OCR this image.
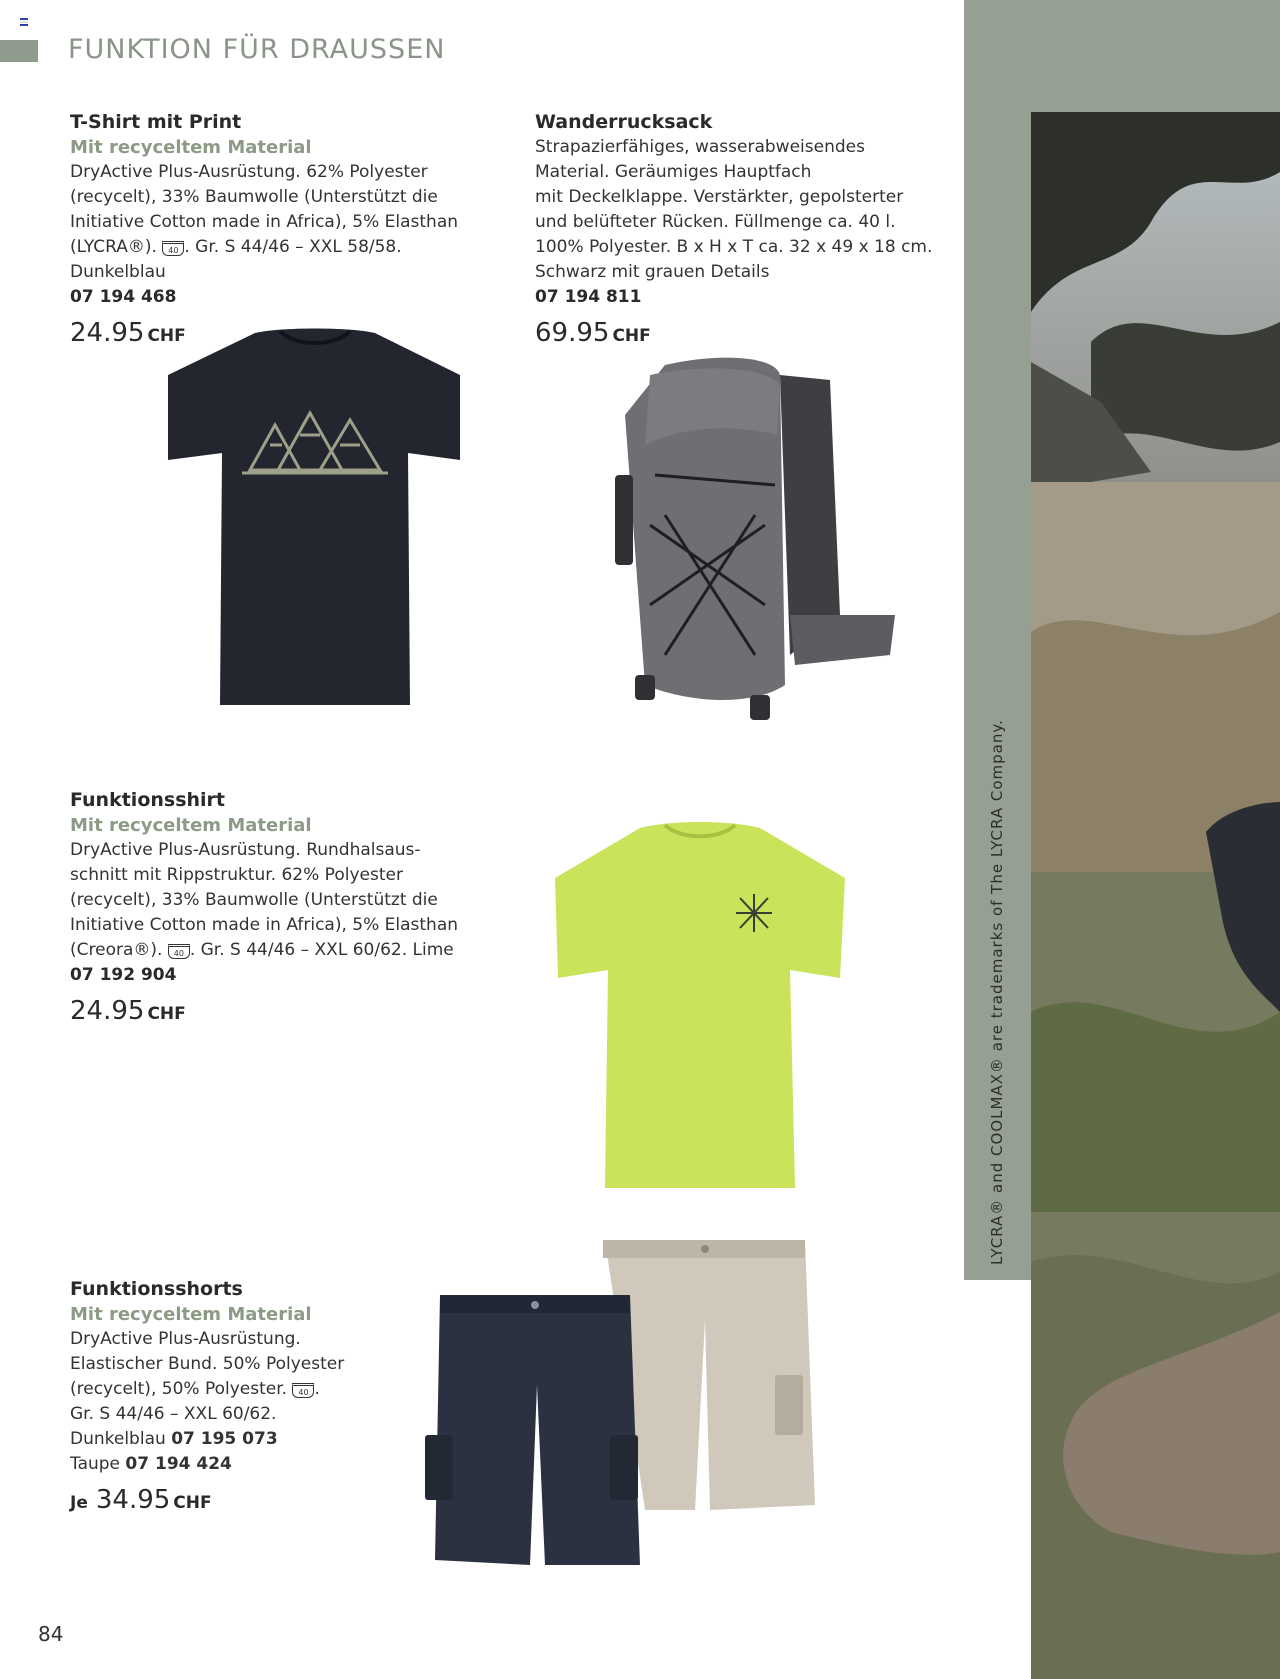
FUNKTION FÜR DRAUSSEN
LYCRA® and COOLMAX® are trademarks of The LYCRA Company.
T-Shirt mit Print
Mit recyceltem Material
DryActive Plus-Ausrüstung. 62% Polyester
(recycelt), 33% Baumwolle (Unterstützt die
Initiative Cotton made in Africa), 5% Elasthan
(LYCRA®). 40 . Gr. S 44/46 – XXL 58/58.
Dunkelblau
07 194 468
24.95 CHF
Wanderrucksack
Strapazierfähiges, wasserabweisendes
Material. Geräumiges Hauptfach
mit Deckelklappe. Verstärkter, gepolsterter
und belüfteter Rücken. Füllmenge ca. 40 l.
100% Polyester. B x H x T ca. 32 x 49 x 18 cm.
Schwarz mit grauen Details
07 194 811
69.95 CHF
Funktionsshirt
Mit recyceltem Material
DryActive Plus-Ausrüstung. Rundhalsaus-
schnitt mit Rippstruktur. 62% Polyester
(recycelt), 33% Baumwolle (Unterstützt die
Initiative Cotton made in Africa), 5% Elasthan
(Creora®). 40 . Gr. S 44/46 – XXL 60/62. Lime
07 192 904
24.95 CHF
Funktionsshorts
Mit recyceltem Material
DryActive Plus-Ausrüstung.
Elastischer Bund. 50% Polyester
(recycelt), 50% Polyester. 40 .
Gr. S 44/46 – XXL 60/62.
Dunkelblau 07 195 073
Taupe 07 194 424
Je 34.95 CHF
84
